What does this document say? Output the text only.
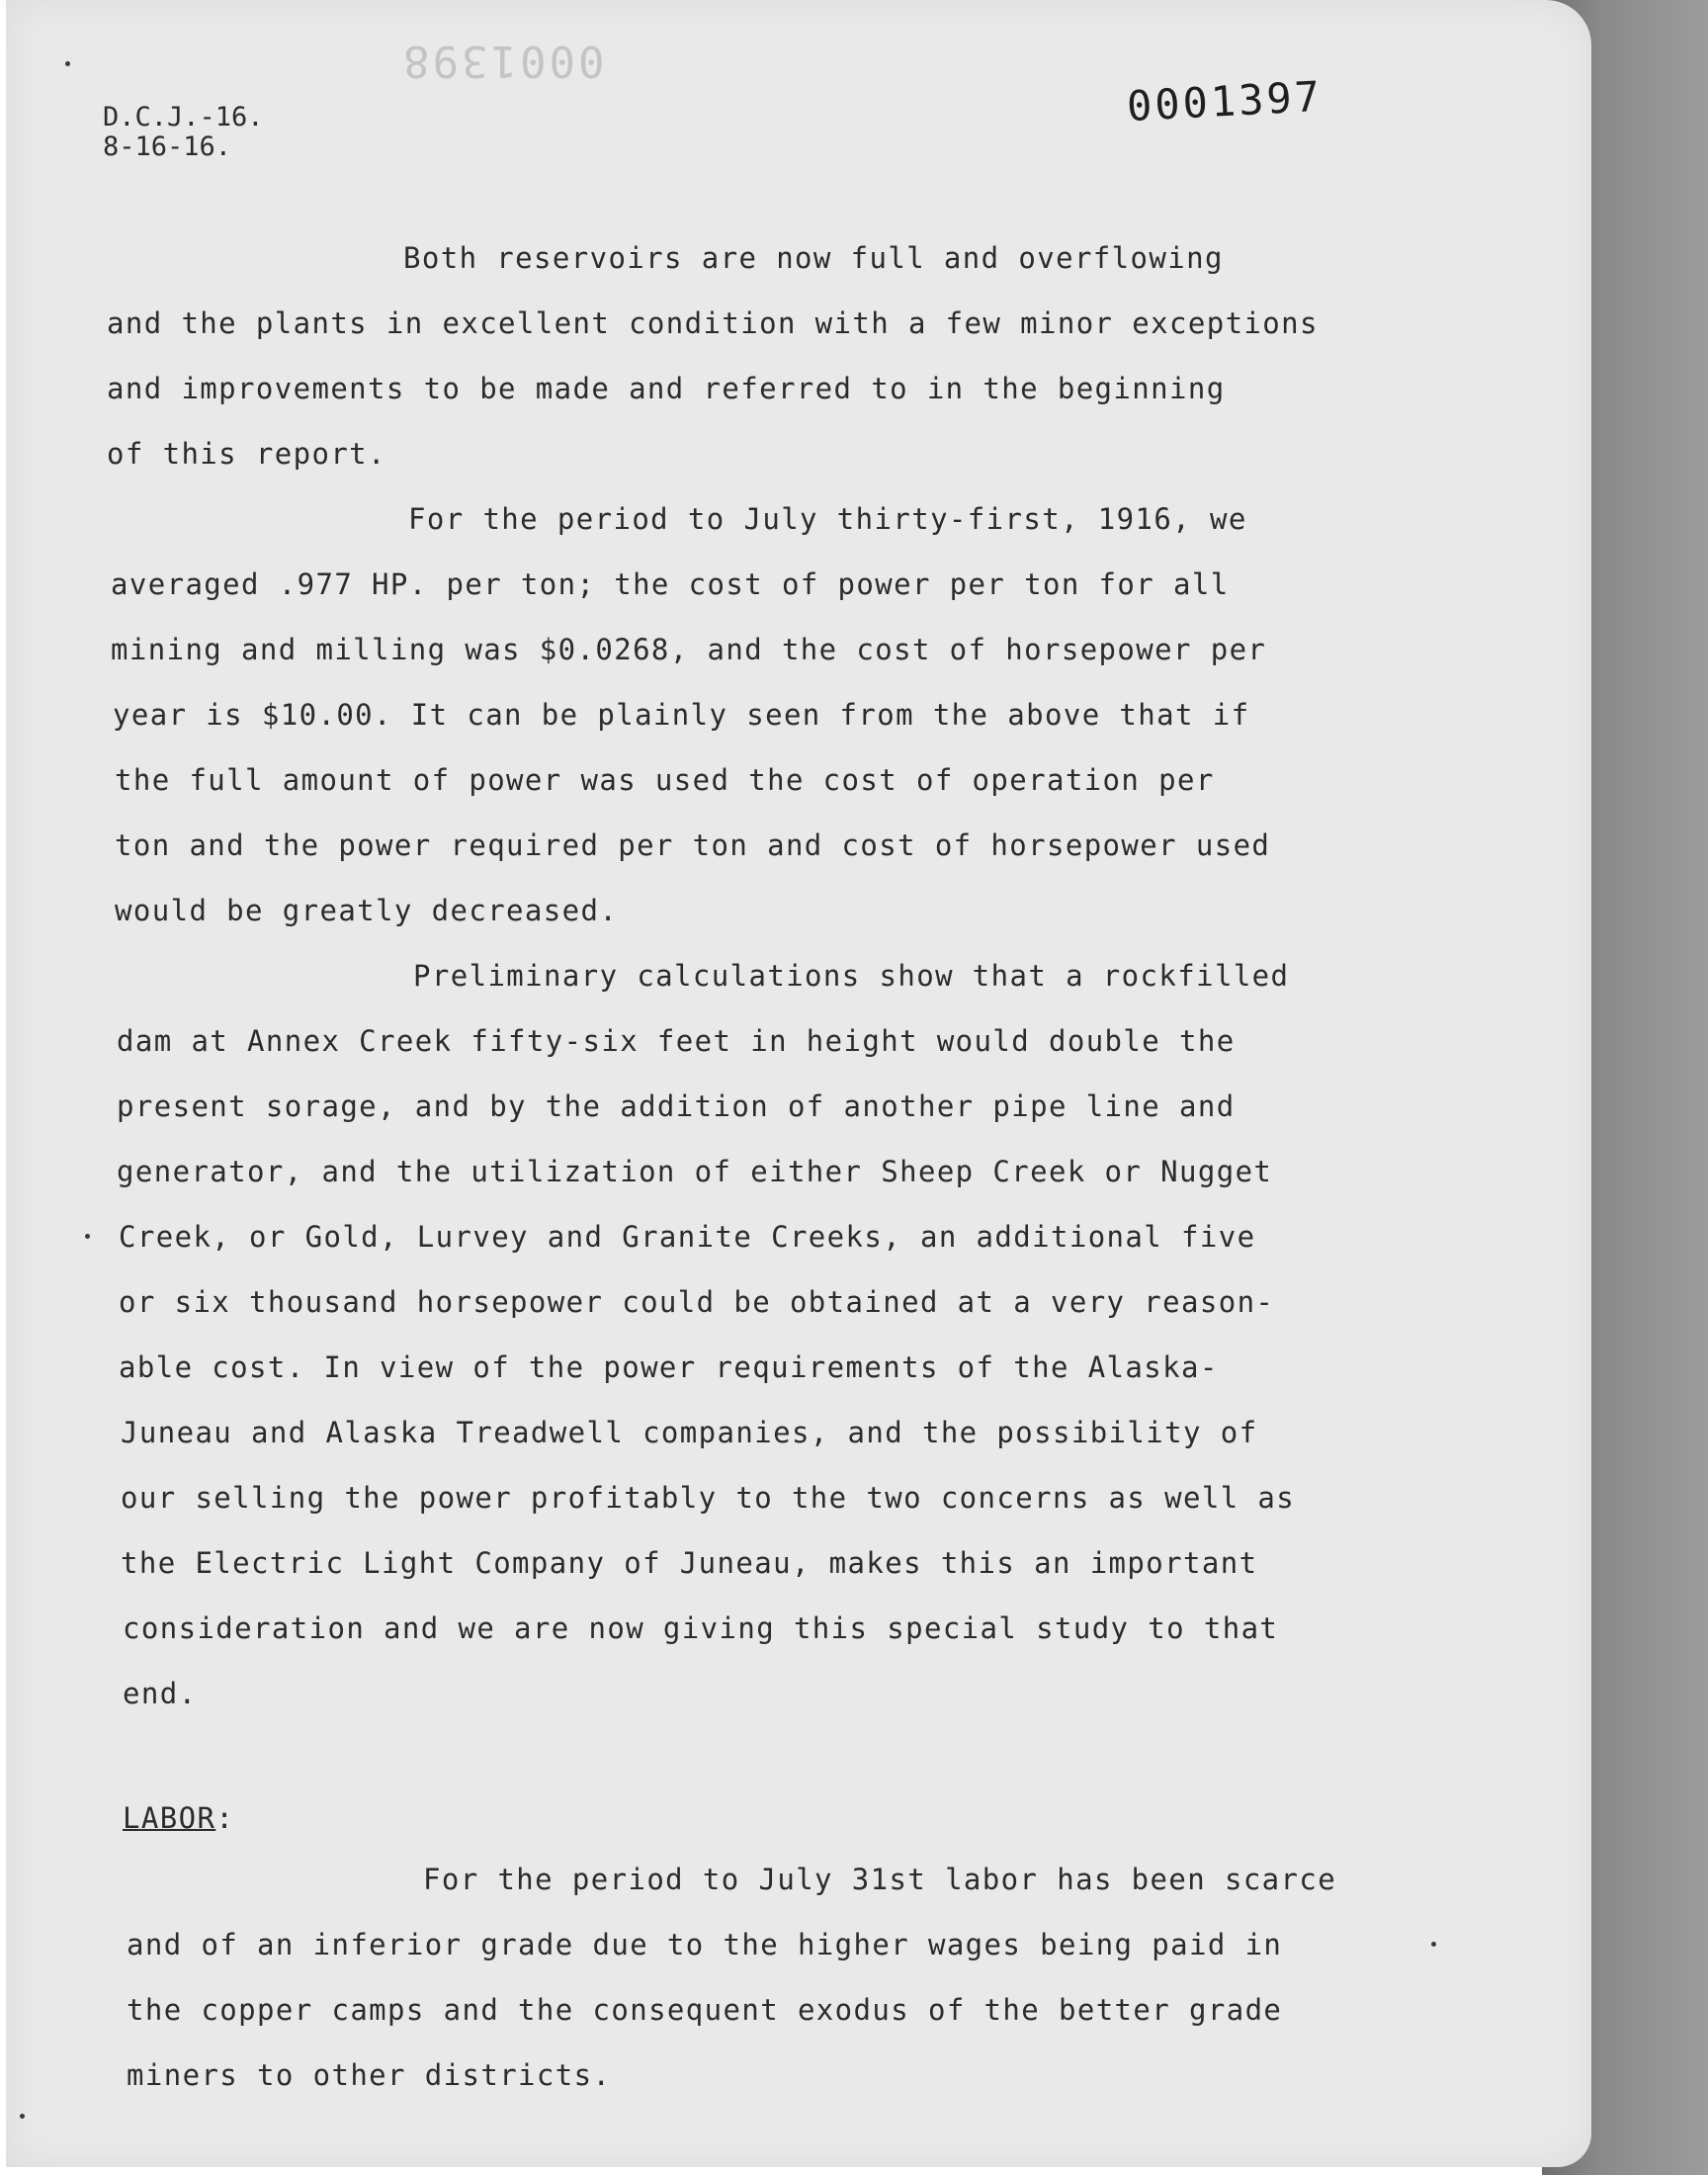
0001398
D.C.J.-16.
8-16-16.
0001397
Both reservoirs are now full and overflowing
and the plants in excellent condition with a few minor exceptions
and improvements to be made and referred to in the beginning
of this report.
For the period to July thirty-first, 1916, we
averaged .977 HP. per ton; the cost of power per ton for all
mining and milling was $0.0268, and the cost of horsepower per
year is $10.00. It can be plainly seen from the above that if
the full amount of power was used the cost of operation per
ton and the power required per ton and cost of horsepower used
would be greatly decreased.
Preliminary calculations show that a rockfilled
dam at Annex Creek fifty-six feet in height would double the
present sorage, and by the addition of another pipe line and
generator, and the utilization of either Sheep Creek or Nugget
Creek, or Gold, Lurvey and Granite Creeks, an additional five
or six thousand horsepower could be obtained at a very reason-
able cost. In view of the power requirements of the Alaska-
Juneau and Alaska Treadwell companies, and the possibility of
our selling the power profitably to the two concerns as well as
the Electric Light Company of Juneau, makes this an important
consideration and we are now giving this special study to that
end.
For the period to July 31st labor has been scarce
and of an inferior grade due to the higher wages being paid in
the copper camps and the consequent exodus of the better grade
miners to other districts.
LABOR:
